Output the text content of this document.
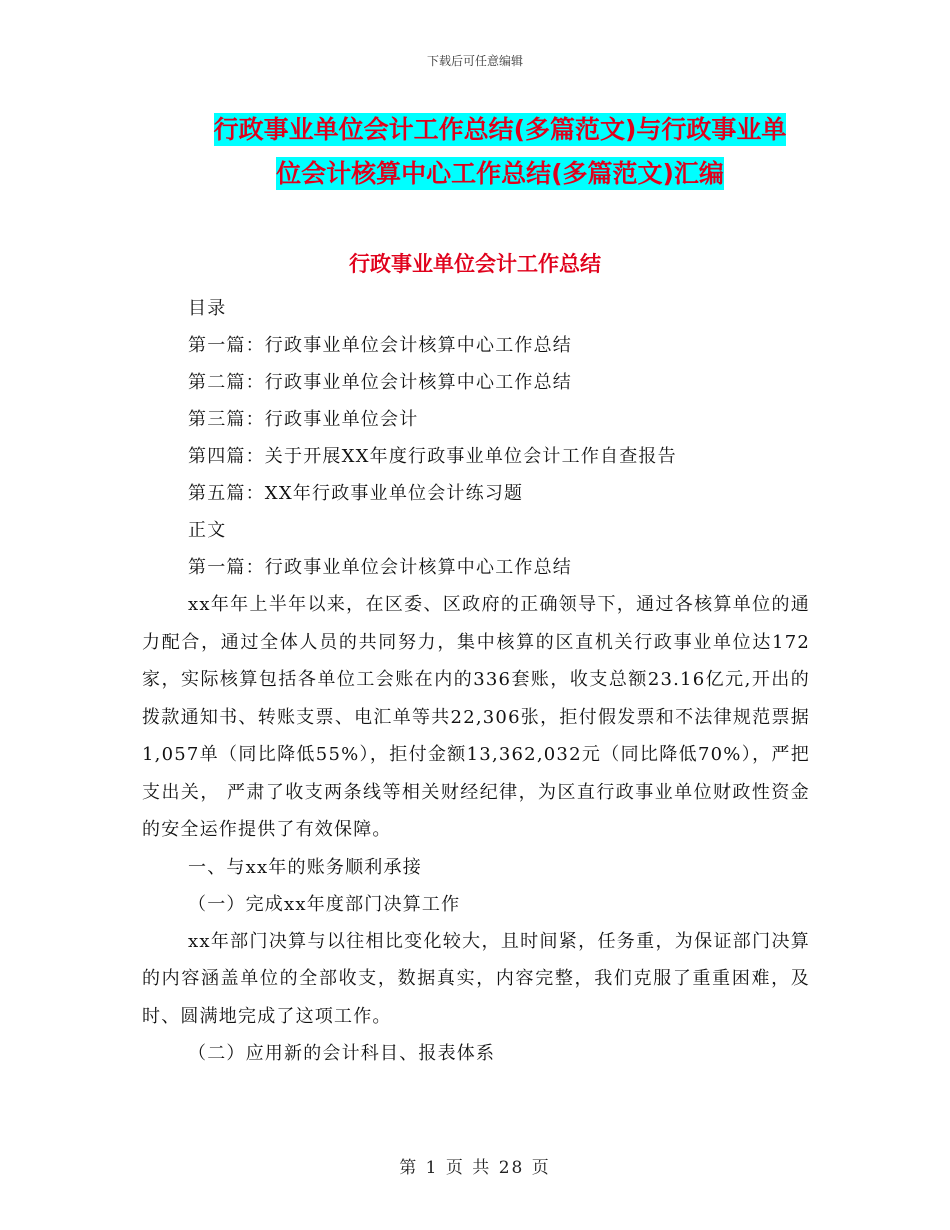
下载后可任意编辑
行政事业单位会计工作总结(多篇范文)与行政事业单
位会计核算中心工作总结(多篇范文)汇编
行政事业单位会计工作总结
目录
第一篇：行政事业单位会计核算中心工作总结
第二篇：行政事业单位会计核算中心工作总结
第三篇：行政事业单位会计
第四篇：关于开展XX年度行政事业单位会计工作自查报告
第五篇：XX年行政事业单位会计练习题
正文
第一篇：行政事业单位会计核算中心工作总结
xx年年上半年以来，在区委、区政府的正确领导下，通过各核算单位的通力配合，通过全体人员的共同努力，集中核算的区直机关行政事业单位达172家，实际核算包括各单位工会账在内的336套账，收支总额23.16亿元,开出的拨款通知书、转账支票、电汇单等共22,306张，拒付假发票和不法律规范票据1,057单（同比降低55%），拒付金额13,362,032元（同比降低70%），严把支出关， 严肃了收支两条线等相关财经纪律，为区直行政事业单位财政性资金的安全运作提供了有效保障。
一、与xx年的账务顺利承接
（一）完成xx年度部门决算工作
xx年部门决算与以往相比变化较大，且时间紧，任务重，为保证部门决算的内容涵盖单位的全部收支，数据真实，内容完整，我们克服了重重困难，及时、圆满地完成了这项工作。
（二）应用新的会计科目、报表体系
第 1 页 共 28 页
